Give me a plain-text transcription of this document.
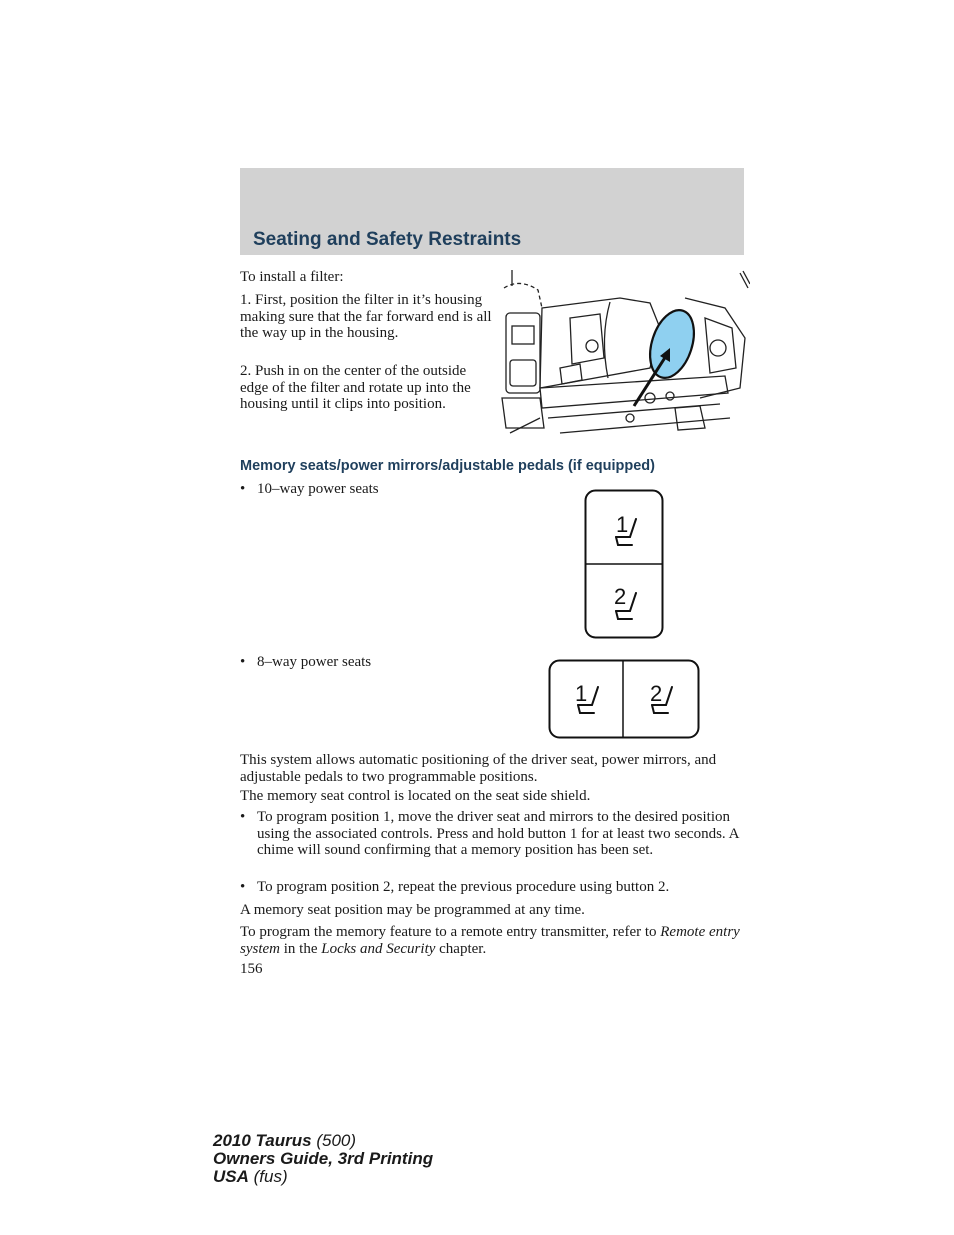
Seating and Safety Restraints
To install a filter:
1. First, position the filter in it’s housing making sure that the far forward end is all the way up in the housing.
2. Push in on the center of the outside edge of the filter and rotate up into the housing until it clips into position.
Memory seats/power mirrors/adjustable pedals (if equipped)
• 10–way power seats
1
2
• 8–way power seats
1	2
This system allows automatic positioning of the driver seat, power mirrors, and adjustable pedals to two programmable positions.
The memory seat control is located on the seat side shield.
• To program position 1, move the driver seat and mirrors to the desired position using the associated controls. Press and hold button 1 for at least two seconds. A chime will sound confirming that a memory position has been set.
• To program position 2, repeat the previous procedure using button 2.
A memory seat position may be programmed at any time.
To program the memory feature to a remote entry transmitter, refer to Remote entry system in the Locks and Security chapter.
156
2010 Taurus (500)
Owners Guide, 3rd Printing
USA (fus)
